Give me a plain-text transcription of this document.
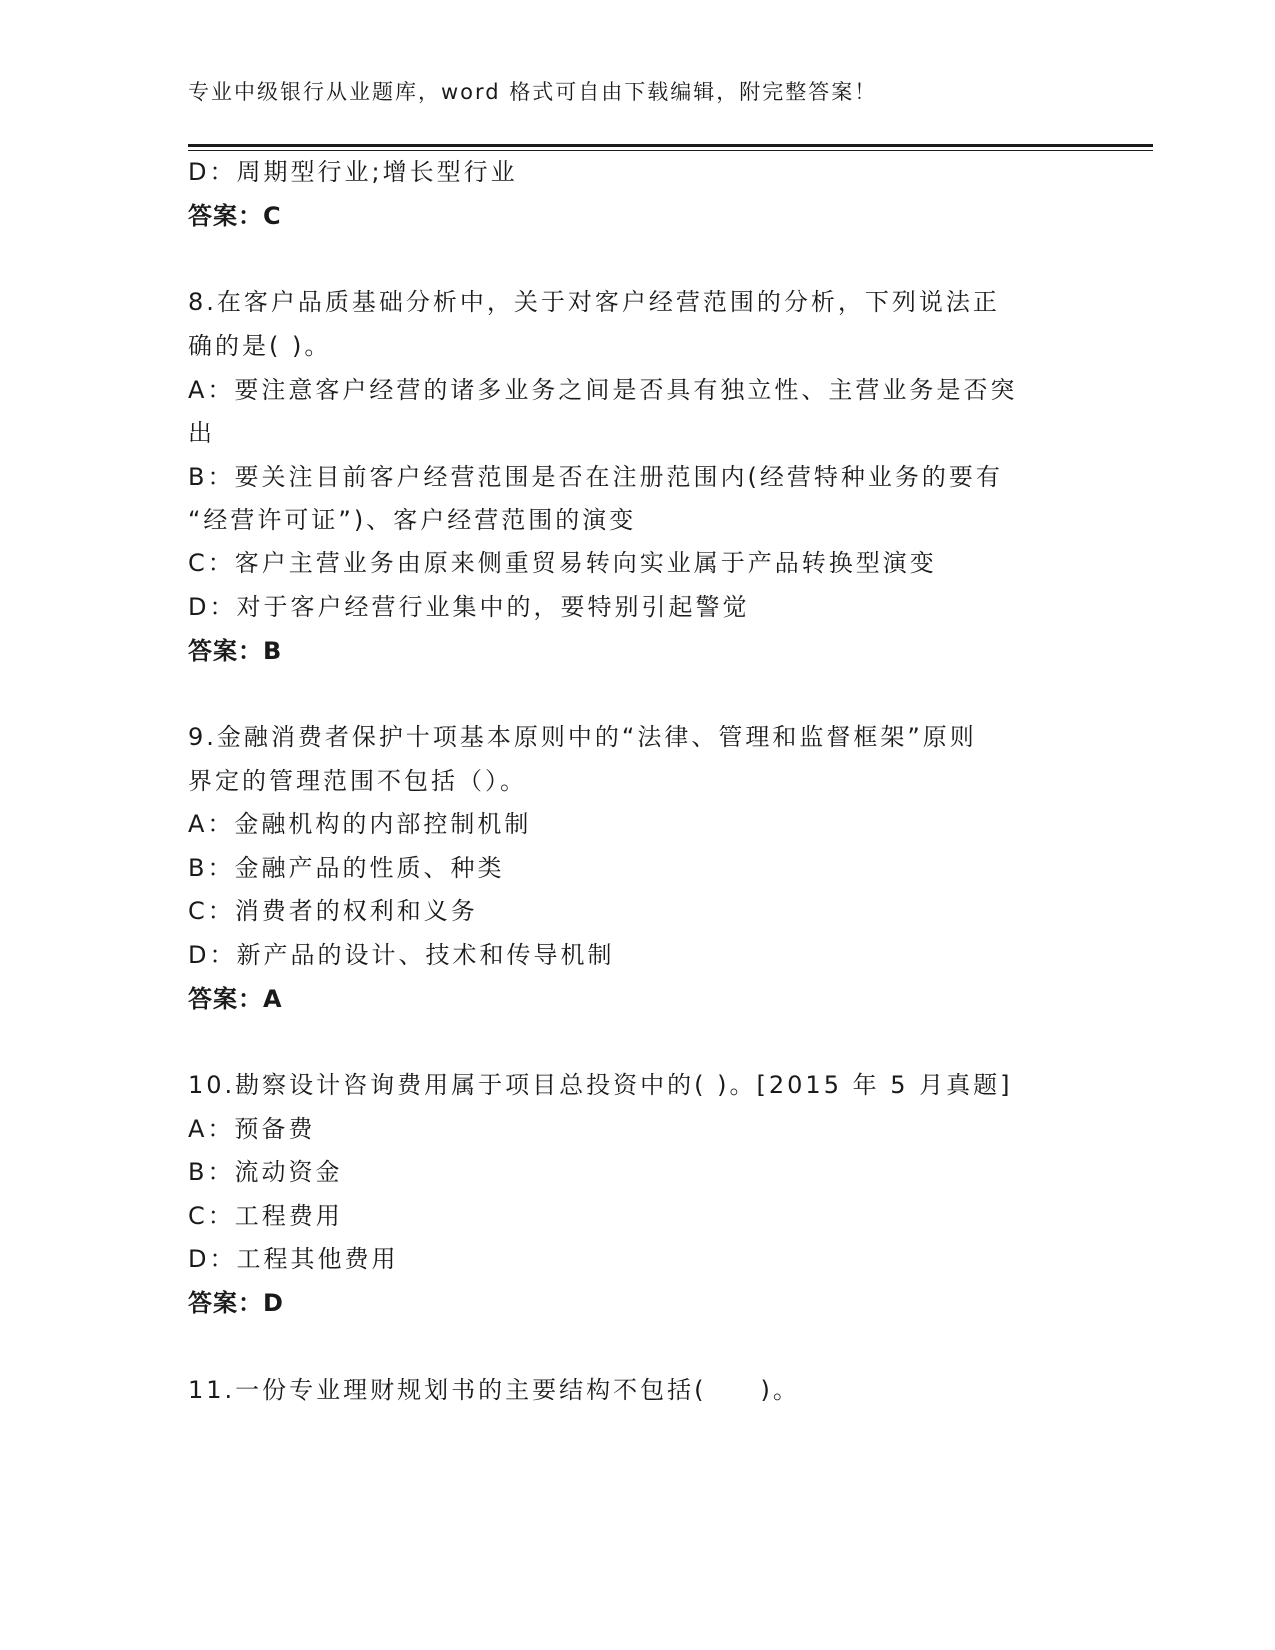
专业中级银行从业题库，word 格式可自由下载编辑，附完整答案！
D：周期型行业;增长型行业
答案：C
8.在客户品质基础分析中，关于对客户经营范围的分析，下列说法正
确的是( )。
A：要注意客户经营的诸多业务之间是否具有独立性、主营业务是否突
出
B：要关注目前客户经营范围是否在注册范围内(经营特种业务的要有
“经营许可证”)、客户经营范围的演变
C：客户主营业务由原来侧重贸易转向实业属于产品转换型演变
D：对于客户经营行业集中的，要特别引起警觉
答案：B
9.金融消费者保护十项基本原则中的“法律、管理和监督框架”原则
界定的管理范围不包括（）。
A：金融机构的内部控制机制
B：金融产品的性质、种类
C：消费者的权利和义务
D：新产品的设计、技术和传导机制
答案：A
10.勘察设计咨询费用属于项目总投资中的( )。[2015 年 5 月真题]
A：预备费
B：流动资金
C：工程费用
D：工程其他费用
答案：D
11.一份专业理财规划书的主要结构不包括(　　)。
